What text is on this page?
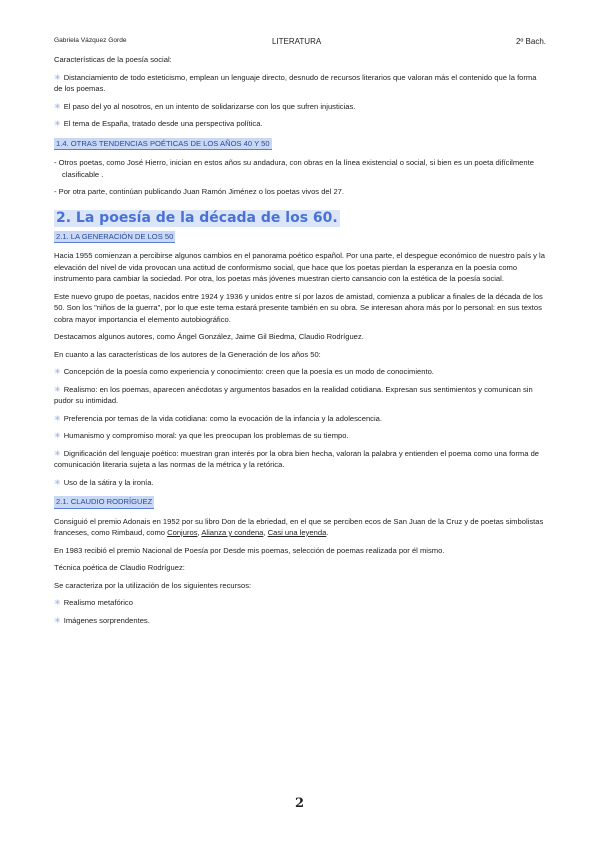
Gabriela Vázquez Gorde	LITERATURA	2º Bach.

Características de la poesía social:

✳ Distanciamiento de todo esteticismo, emplean un lenguaje directo, desnudo de recursos literarios que valoran más el contenido que la forma de los poemas.

✳ El paso del yo al nosotros, en un intento de solidarizarse con los que sufren injusticias.

✳ El tema de España, tratado desde una perspectiva política.

1.4. OTRAS TENDENCIAS POÉTICAS DE LOS AÑOS 40 Y 50

- Otros poetas, como José Hierro, inician en estos años su andadura, con obras en la línea existencial o social, si bien es un poeta difícilmente clasificable .

- Por otra parte, continúan publicando Juan Ramón Jiménez o los poetas vivos del 27.

2. La poesía de la década de los 60.
2.1. LA GENERACIÓN DE LOS 50

Hacia 1955 comienzan a percibirse algunos cambios en el panorama poético español. Por una parte, el despegue económico de nuestro país y la elevación del nivel de vida provocan una actitud de conformismo social, que hace que los poetas pierdan la esperanza en la poesía como instrumento para cambiar la sociedad. Por otra, los poetas más jóvenes muestran cierto cansancio con la estética de la poesía social.

Este nuevo grupo de poetas, nacidos entre 1924 y 1936 y unidos entre sí por lazos de amistad, comienza a publicar a finales de la década de los 50. Son los "niños de la guerra", por lo que este tema estará presente también en su obra. Se interesan ahora más por lo personal: en sus textos cobra mayor importancia el elemento autobiográfico.

Destacamos algunos autores, como Ángel González, Jaime Gil Biedma, Claudio Rodríguez.

En cuanto a las características de los autores de la Generación de los años 50:

✳ Concepción de la poesía como experiencia y conocimiento: creen que la poesía es un modo de conocimiento.

✳ Realismo: en los poemas, aparecen anécdotas y argumentos basados en la realidad cotidiana. Expresan sus sentimientos y comunican sin pudor su intimidad.

✳ Preferencia por temas de la vida cotidiana: como la evocación de la infancia y la adolescencia.

✳ Humanismo y compromiso moral: ya que les preocupan los problemas de su tiempo.

✳ Dignificación del lenguaje poético: muestran gran interés por la obra bien hecha, valoran la palabra y entienden el poema como una forma de comunicación literaria sujeta a las normas de la métrica y la retórica.

✳ Uso de la sátira y la ironía.

2.1. CLAUDIO RODRÍGUEZ

Consiguió el premio Adonais en 1952 por su libro Don de la ebriedad, en el que se perciben ecos de San Juan de la Cruz y de poetas simbolistas franceses, como Rimbaud, como Conjuros, Alianza y condena, Casi una leyenda.

En 1983 recibió el premio Nacional de Poesía por Desde mis poemas, selección de poemas realizada por él mismo.

Técnica poética de Claudio Rodríguez:

Se caracteriza por la utilización de los siguientes recursos:

✳ Realismo metafórico

✳ Imágenes sorprendentes.

2
